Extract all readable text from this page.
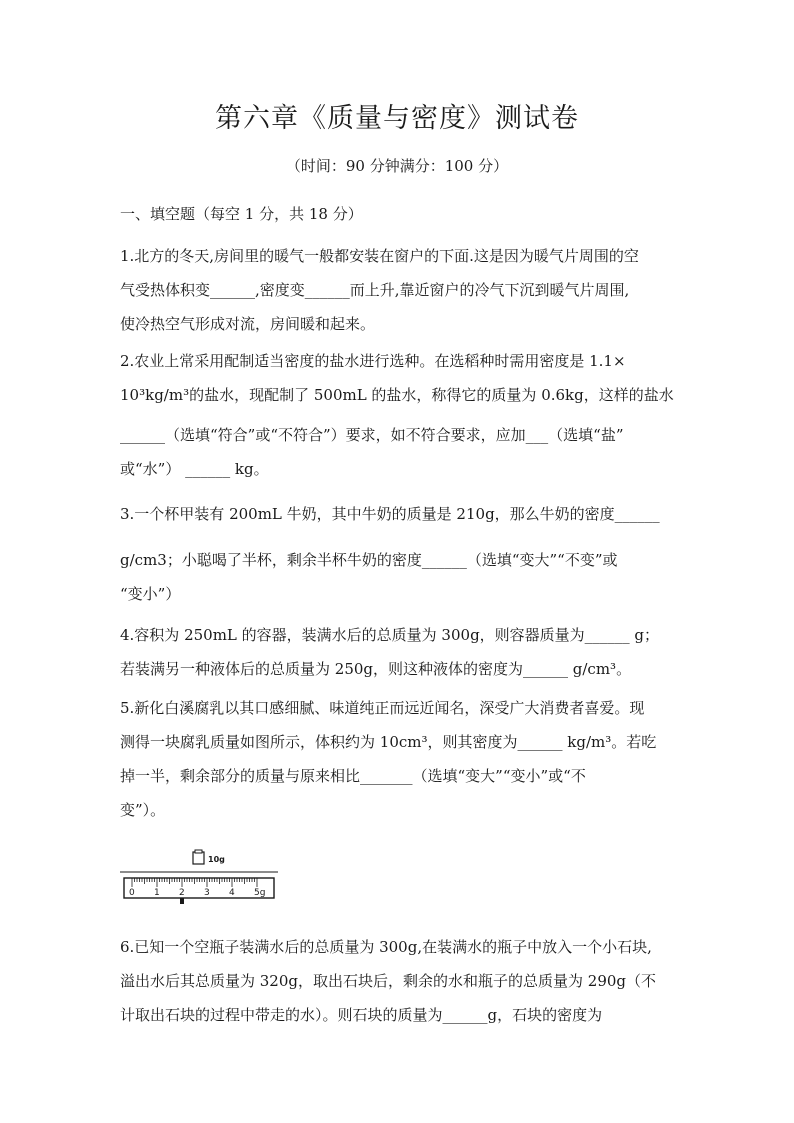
第六章《质量与密度》测试卷
（时间：90 分钟满分：100 分）
一、填空题（每空 1 分，共 18 分）
1.北方的冬天,房间里的暖气一般都安装在窗户的下面.这是因为暖气片周围的空
气受热体积变______,密度变______而上升,靠近窗户的冷气下沉到暖气片周围,
使冷热空气形成对流，房间暖和起来。
2.农业上常采用配制适当密度的盐水进行选种。在选稻种时需用密度是 1.1×
10³kg/m³的盐水，现配制了 500mL 的盐水，称得它的质量为 0.6kg，这样的盐水
______（选填“符合”或“不符合”）要求，如不符合要求，应加___（选填“盐”
或“水”） ______ kg。
3.一个杯甲装有 200mL 牛奶，其中牛奶的质量是 210g，那么牛奶的密度______
g/cm3；小聪喝了半杯，剩余半杯牛奶的密度______（选填“变大”“不变”或
“变小”）
4.容积为 250mL 的容器，装满水后的总质量为 300g，则容器质量为______ g；
若装满另一种液体后的总质量为 250g，则这种液体的密度为______ g/cm³。
5.新化白溪腐乳以其口感细腻、味道纯正而远近闻名，深受广大消费者喜爱。现
测得一块腐乳质量如图所示，体积约为 10cm³，则其密度为______ kg/m³。若吃
掉一半，剩余部分的质量与原来相比_______（选填“变大”“变小”或“不
变”）。
10g
0 1 2 3 4 5g
6.已知一个空瓶子装满水后的总质量为 300g,在装满水的瓶子中放入一个小石块,
溢出水后其总质量为 320g，取出石块后，剩余的水和瓶子的总质量为 290g（不
计取出石块的过程中带走的水）。则石块的质量为______g，石块的密度为
